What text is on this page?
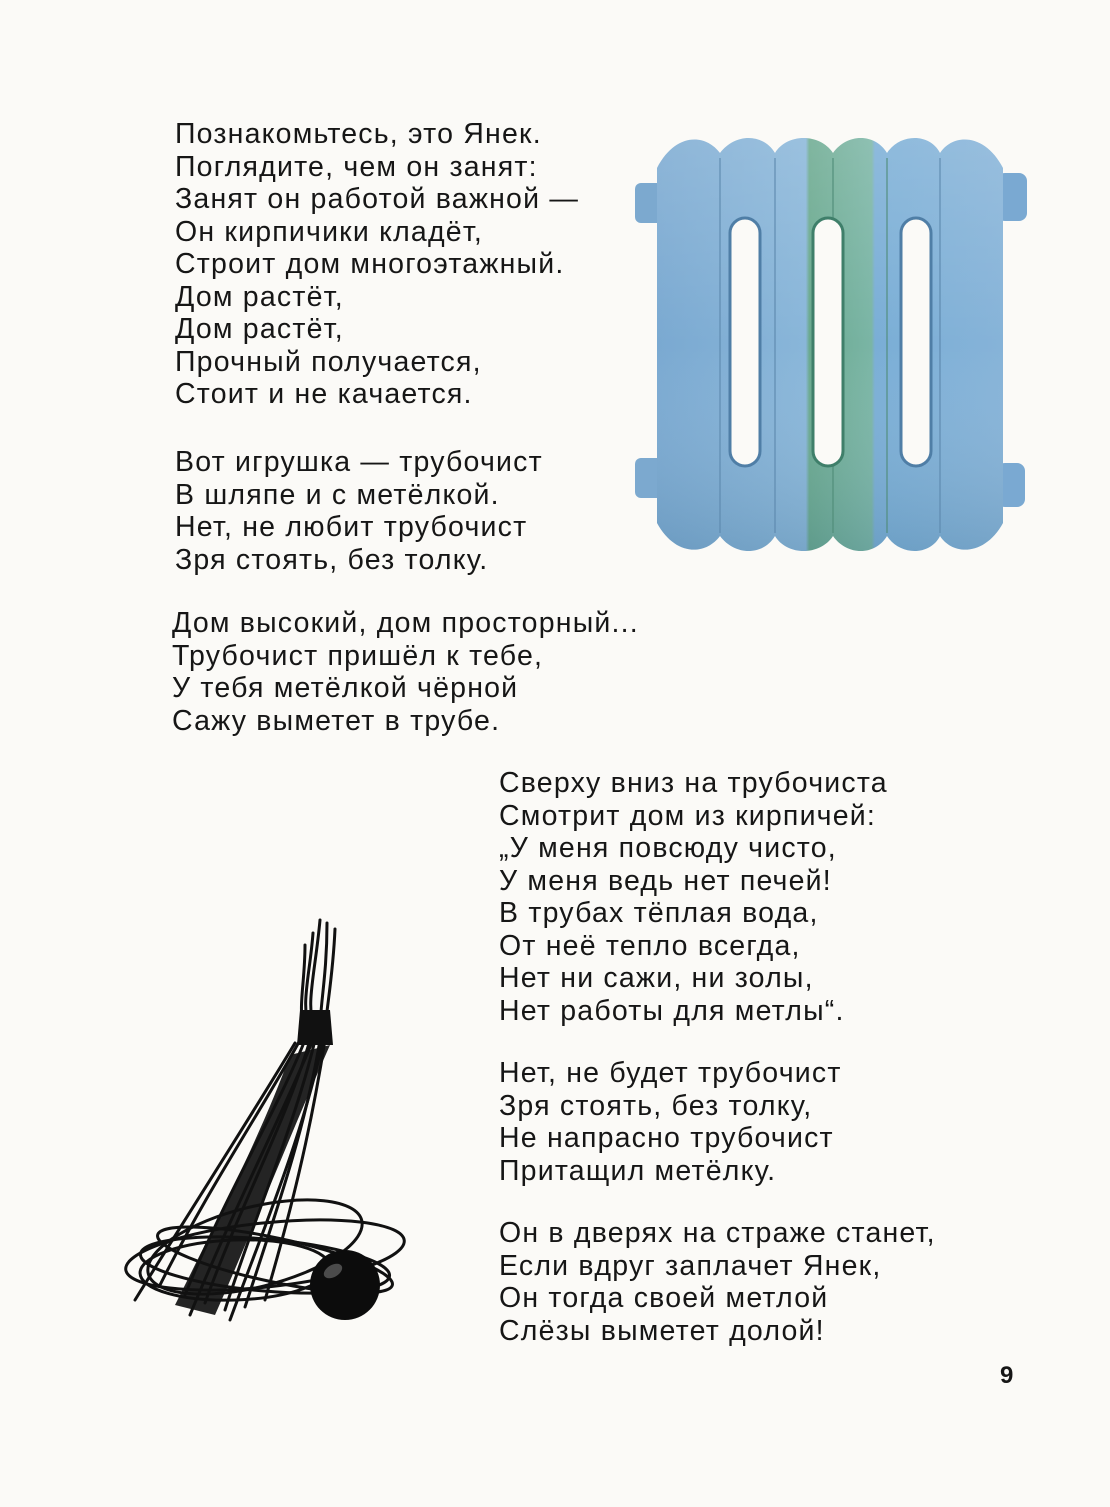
Познакомьтесь, это Янек.
Поглядите, чем он занят:
Занят он работой важной —
Он кирпичики кладёт,
Строит дом многоэтажный.
Дом растёт,
Дом растёт,
Прочный получается,
Стоит и не качается.
Вот игрушка — трубочист
В шляпе и с метёлкой.
Нет, не любит трубочист
Зря стоять, без толку.
Дом высокий, дом просторный...
Трубочист пришёл к тебе,
У тебя метёлкой чёрной
Сажу выметет в трубе.
Сверху вниз на трубочиста
Смотрит дом из кирпичей:
„У меня повсюду чисто,
У меня ведь нет печей!
В трубах тёплая вода,
От неё тепло всегда,
Нет ни сажи, ни золы,
Нет работы для метлы“.
Нет, не будет трубочист
Зря стоять, без толку,
Не напрасно трубочист
Притащил метёлку.
Он в дверях на страже станет,
Если вдруг заплачет Янек,
Он тогда своей метлой
Слёзы выметет долой!
9
